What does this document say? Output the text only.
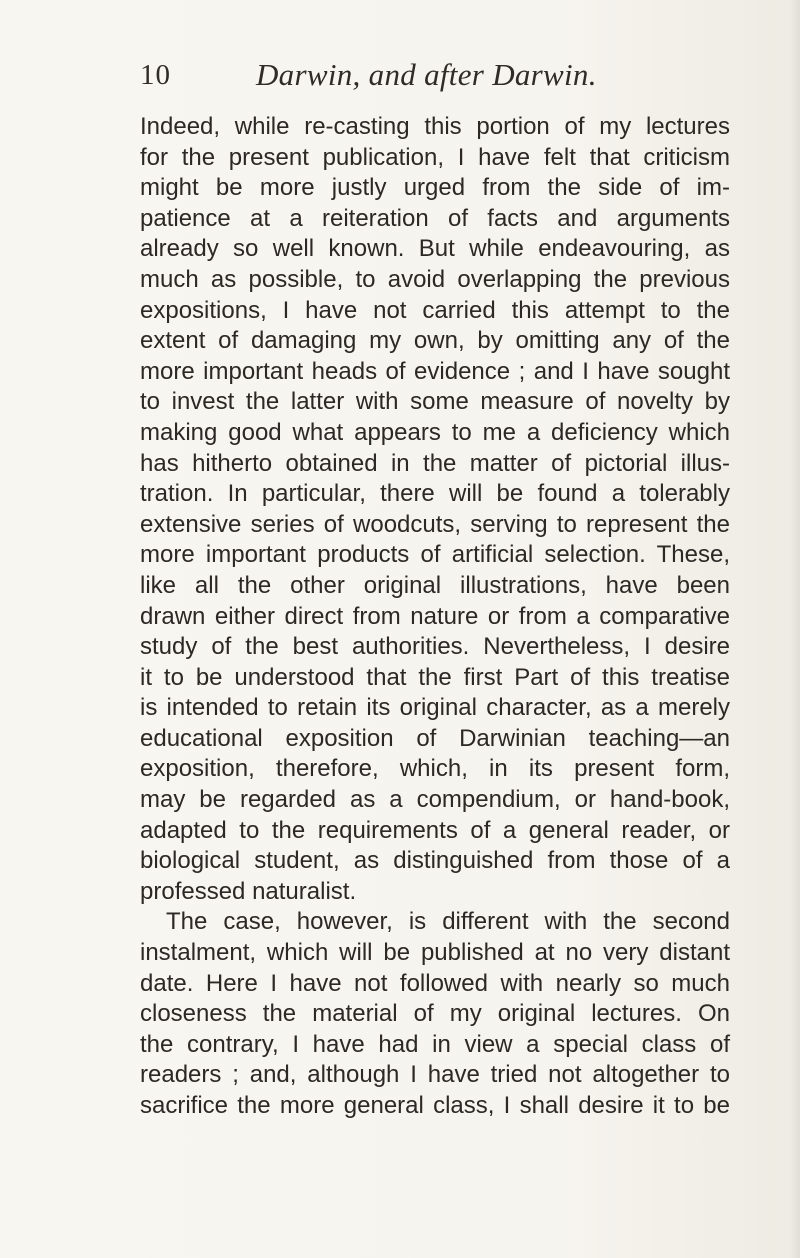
10	Darwin, and after Darwin.
Indeed, while re-casting this portion of my lectures
for the present publication, I have felt that criticism
might be more justly urged from the side of im-
patience at a reiteration of facts and arguments
already so well known. But while endeavouring, as
much as possible, to avoid overlapping the previous
expositions, I have not carried this attempt to the
extent of damaging my own, by omitting any of the
more important heads of evidence ; and I have sought
to invest the latter with some measure of novelty by
making good what appears to me a deficiency which
has hitherto obtained in the matter of pictorial illus-
tration. In particular, there will be found a tolerably
extensive series of woodcuts, serving to represent the
more important products of artificial selection. These,
like all the other original illustrations, have been
drawn either direct from nature or from a comparative
study of the best authorities. Nevertheless, I desire
it to be understood that the first Part of this treatise
is intended to retain its original character, as a merely
educational exposition of Darwinian teaching—an
exposition, therefore, which, in its present form,
may be regarded as a compendium, or hand-book,
adapted to the requirements of a general reader, or
biological student, as distinguished from those of a
professed naturalist.
The case, however, is different with the second
instalment, which will be published at no very distant
date. Here I have not followed with nearly so much
closeness the material of my original lectures. On
the contrary, I have had in view a special class of
readers ; and, although I have tried not altogether to
sacrifice the more general class, I shall desire it to be
